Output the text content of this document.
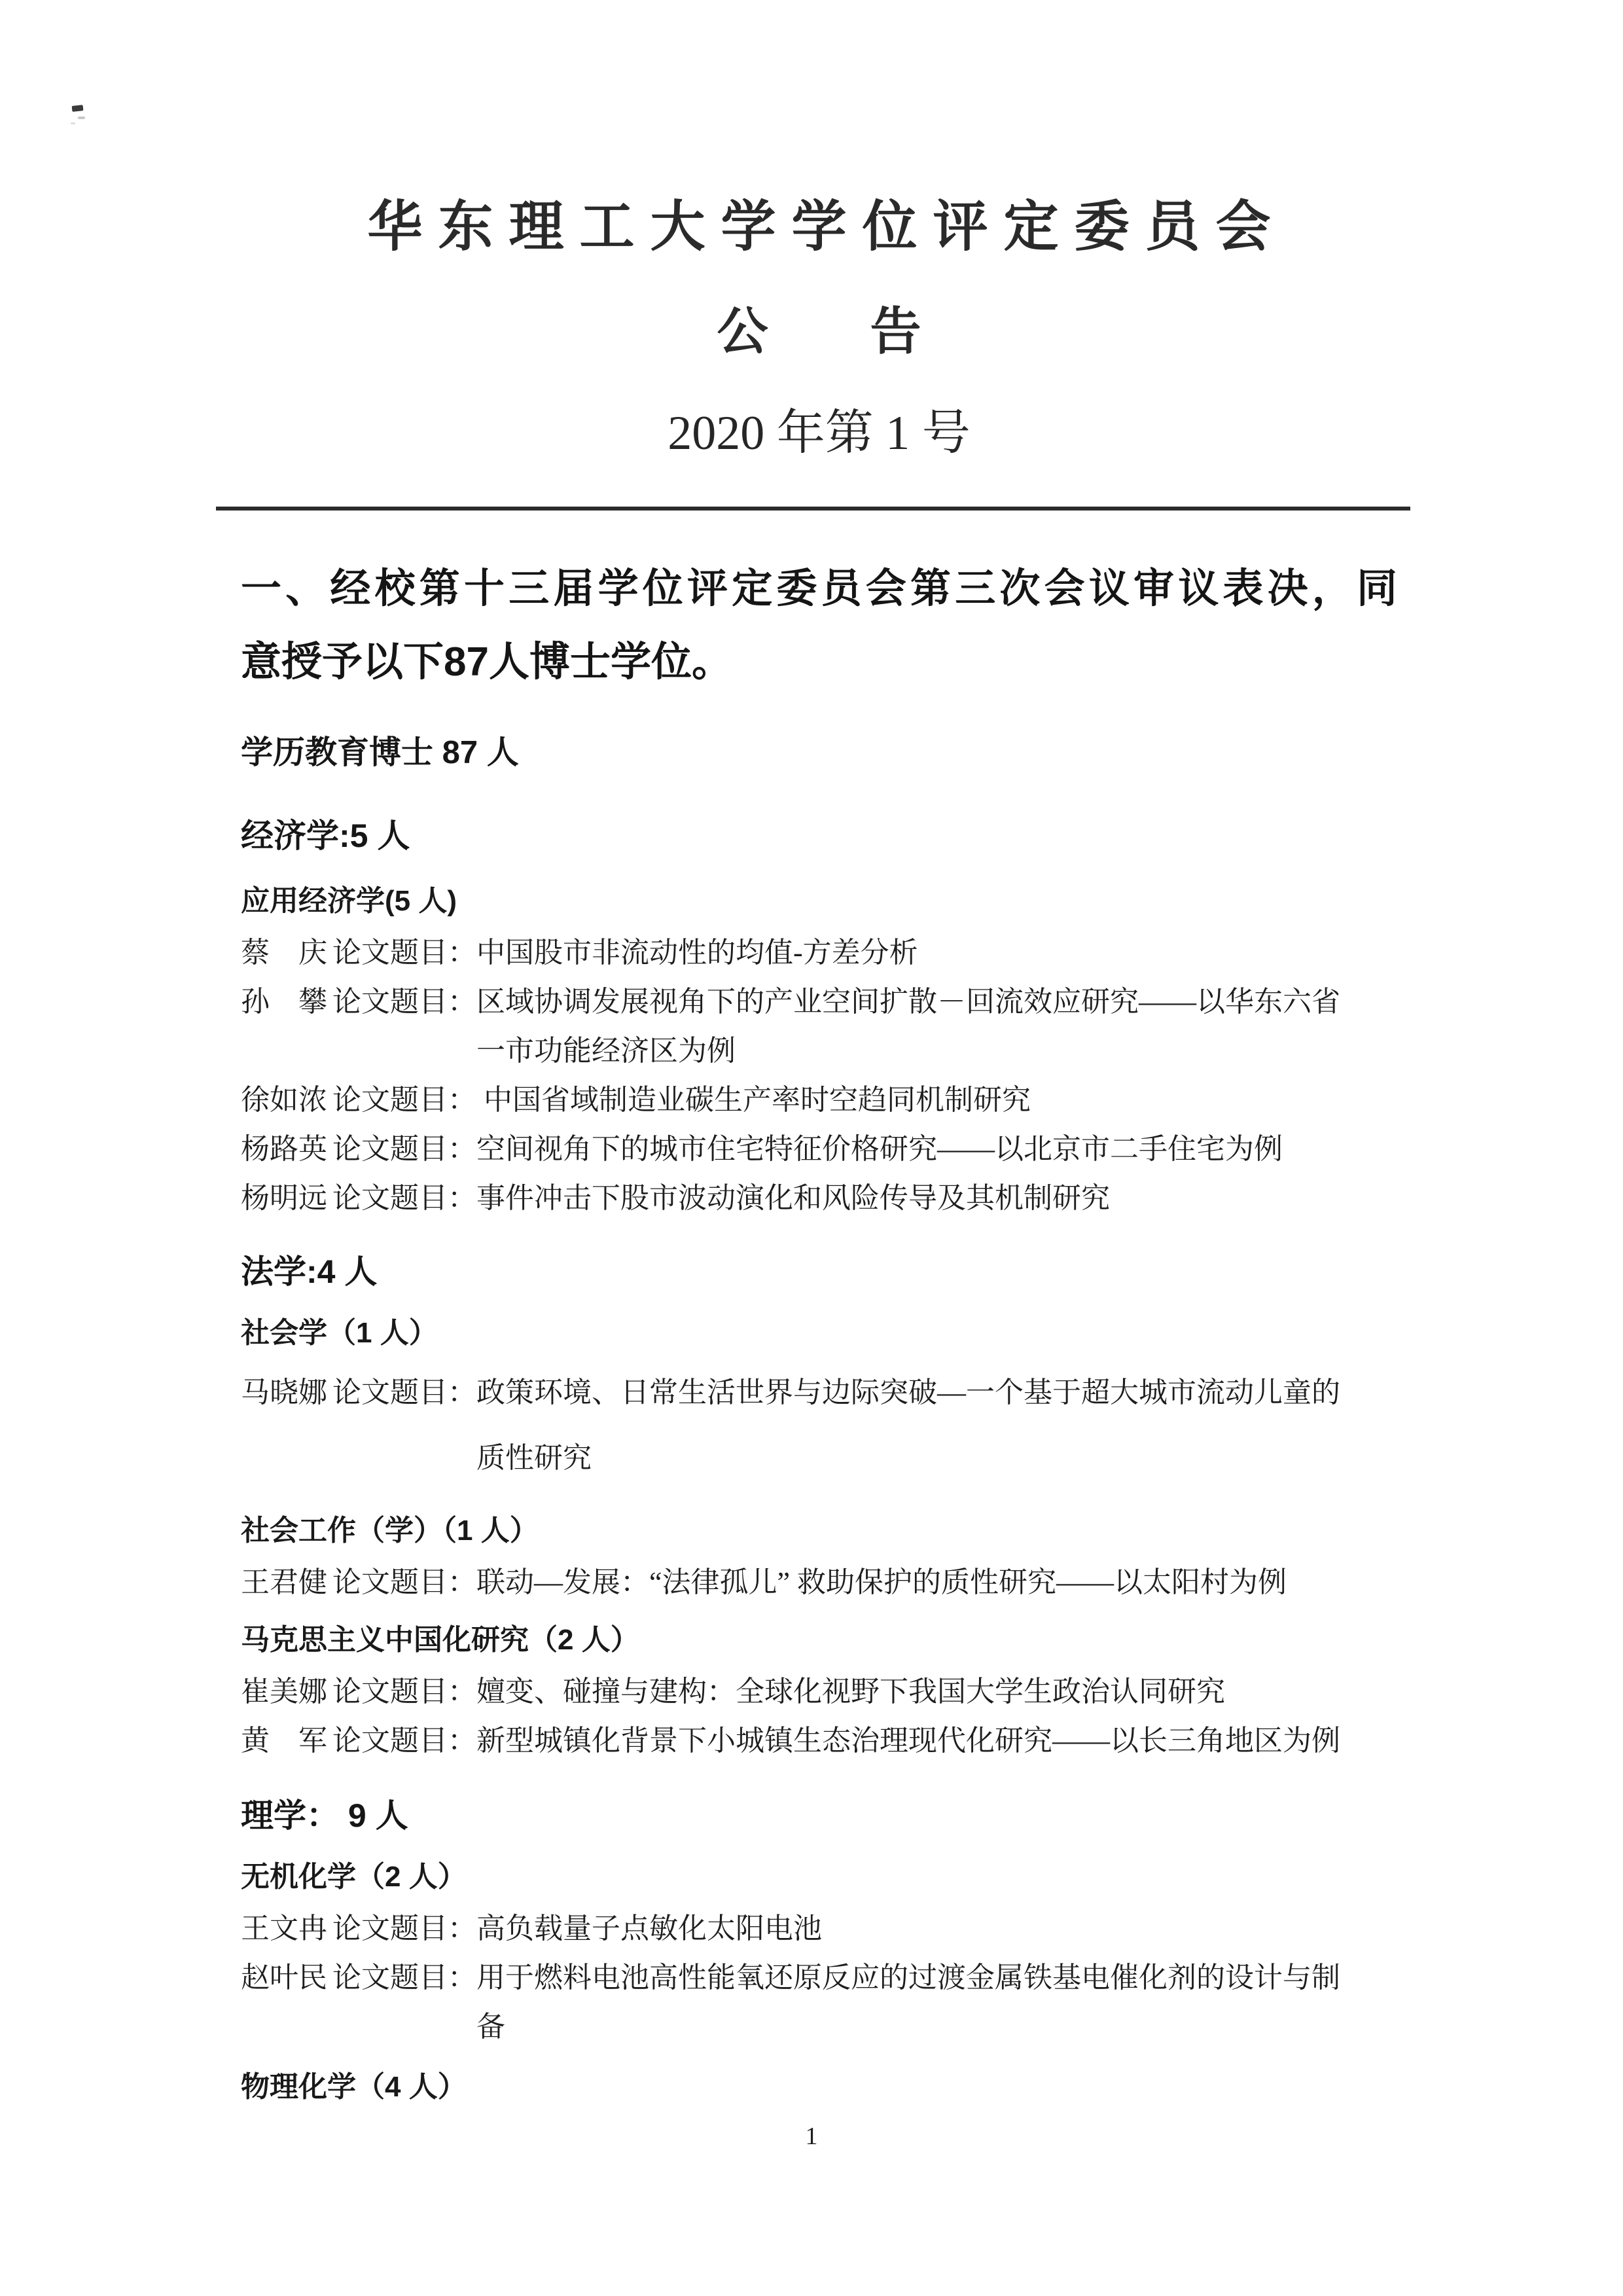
华东理工大学学位评定委员会
公　　告
2020 年第 1 号
一、经校第十三届学位评定委员会第三次会议审议表决，同
意授予以下87人博士学位。
学历教育博士 87 人
经济学:5 人
应用经济学(5 人)
蔡　庆 论文题目： 中国股市非流动性的均值-方差分析
孙　攀 论文题目： 区域协调发展视角下的产业空间扩散－回流效应研究——以华东六省一市功能经济区为例
徐如浓 论文题目： 中国省域制造业碳生产率时空趋同机制研究
杨路英 论文题目： 空间视角下的城市住宅特征价格研究——以北京市二手住宅为例
杨明远 论文题目： 事件冲击下股市波动演化和风险传导及其机制研究
法学:4 人
社会学（1 人）
马晓娜 论文题目： 政策环境、日常生活世界与边际突破—一个基于超大城市流动儿童的质性研究
社会工作（学）（1 人）
王君健 论文题目： 联动—发展：“法律孤儿” 救助保护的质性研究——以太阳村为例
马克思主义中国化研究（2 人）
崔美娜 论文题目： 嬗变、碰撞与建构：全球化视野下我国大学生政治认同研究
黄　军 论文题目： 新型城镇化背景下小城镇生态治理现代化研究——以长三角地区为例
理学： 9 人
无机化学（2 人）
王文冉 论文题目： 高负载量子点敏化太阳电池
赵叶民 论文题目： 用于燃料电池高性能氧还原反应的过渡金属铁基电催化剂的设计与制备
物理化学（4 人）
1
